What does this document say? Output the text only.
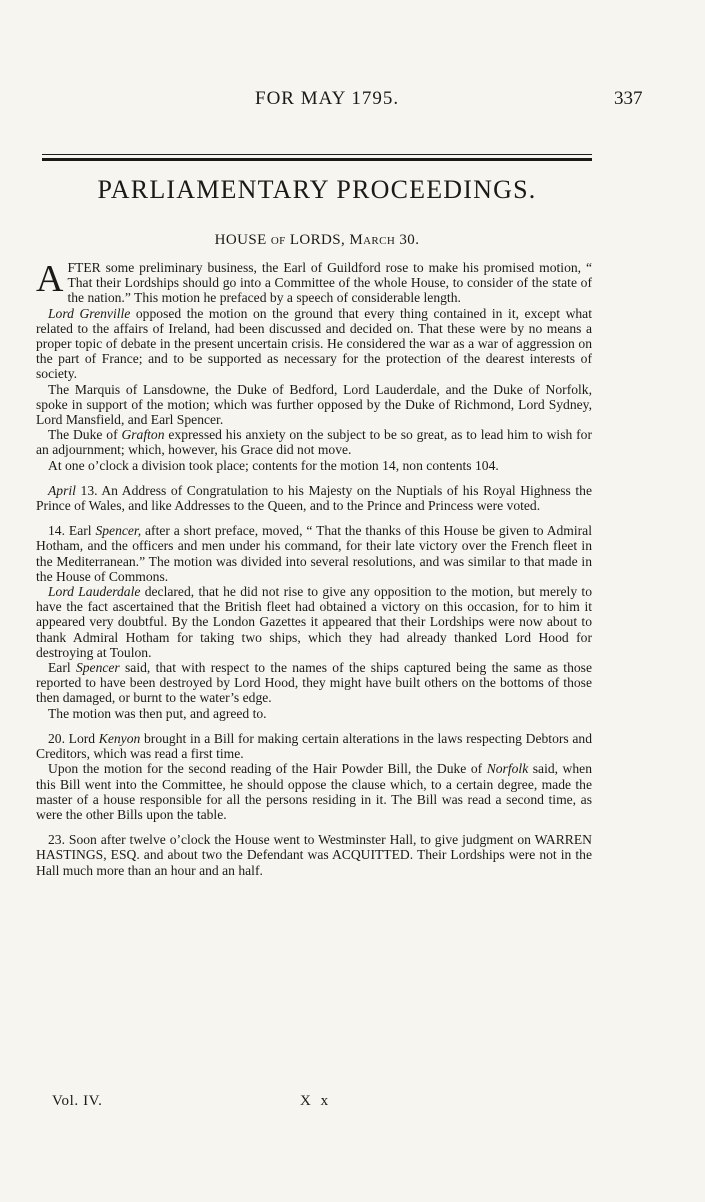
FOR MAY 1795.	337
PARLIAMENTARY PROCEEDINGS.
HOUSE of LORDS, March 30.

AFTER some preliminary business, the Earl of Guildford rose to make his promised motion, “ That their Lordships should go into a Committee of the whole House, to consider of the state of the nation.” This motion he prefaced by a speech of considerable length.

Lord Grenville opposed the motion on the ground that every thing contained in it, except what related to the affairs of Ireland, had been discussed and decided on. That these were by no means a proper topic of debate in the present uncertain crisis. He considered the war as a war of aggression on the part of France; and to be supported as necessary for the protection of the dearest interests of society.

The Marquis of Lansdowne, the Duke of Bedford, Lord Lauderdale, and the Duke of Norfolk, spoke in support of the motion; which was further opposed by the Duke of Richmond, Lord Sydney, Lord Mansfield, and Earl Spencer.

The Duke of Grafton expressed his anxiety on the subject to be so great, as to lead him to wish for an adjournment; which, however, his Grace did not move.

At one o’clock a division took place; contents for the motion 14, non contents 104.

April 13. An Address of Congratulation to his Majesty on the Nuptials of his Royal Highness the Prince of Wales, and like Addresses to the Queen, and to the Prince and Princess were voted.

14. Earl Spencer, after a short preface, moved, “ That the thanks of this House be given to Admiral Hotham, and the officers and men under his command, for their late victory over the French fleet in the Mediterranean.” The motion was divided into several resolutions, and was similar to that made in the House of Commons.

Lord Lauderdale declared, that he did not rise to give any opposition to the motion, but merely to have the fact ascertained that the British fleet had obtained a victory on this occasion, for to him it appeared very doubtful. By the London Gazettes it appeared that their Lordships were now about to thank Admiral Hotham for taking two ships, which they had already thanked Lord Hood for destroying at Toulon.

Earl Spencer said, that with respect to the names of the ships captured being the same as those reported to have been destroyed by Lord Hood, they might have built others on the bottoms of those then damaged, or burnt to the water’s edge.

The motion was then put, and agreed to.

20. Lord Kenyon brought in a Bill for making certain alterations in the laws respecting Debtors and Creditors, which was read a first time.

Upon the motion for the second reading of the Hair Powder Bill, the Duke of Norfolk said, when this Bill went into the Committee, he should oppose the clause which, to a certain degree, made the master of a house responsible for all the persons residing in it. The Bill was read a second time, as were the other Bills upon the table.

23. Soon after twelve o’clock the House went to Westminster Hall, to give judgment on WARREN HASTINGS, ESQ. and about two the Defendant was ACQUITTED. Their Lordships were not in the Hall much more than an hour and an half.

Vol. IV.	X x
